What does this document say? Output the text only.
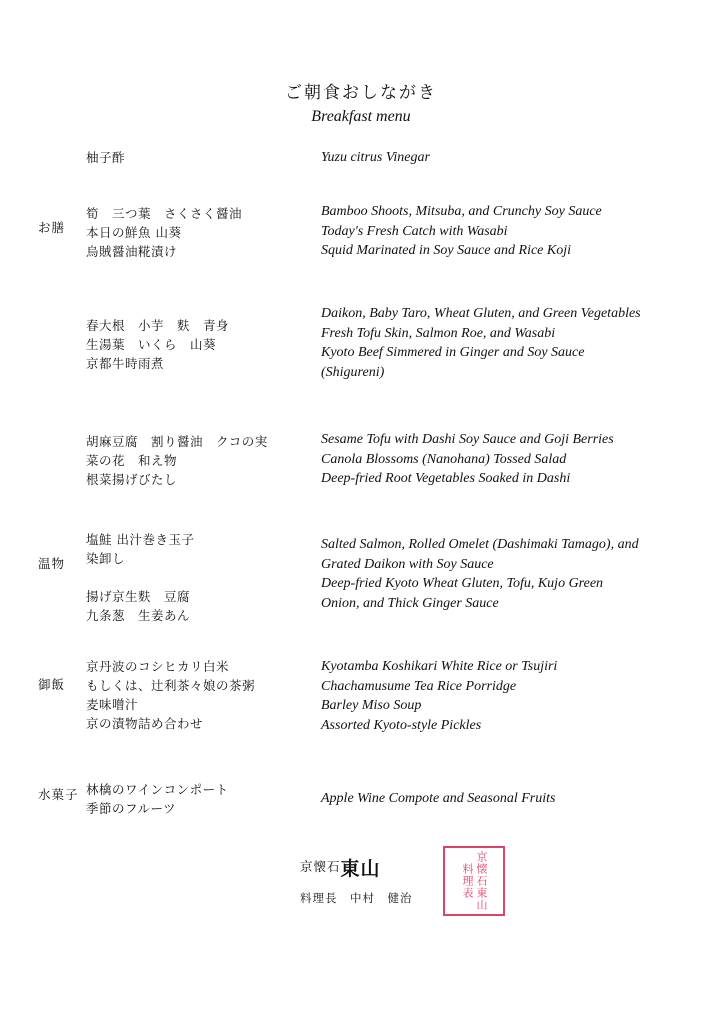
ご朝食おしながき
Breakfast menu
柚子酢	Yuzu citrus Vinegar
お膳
筍　三つ葉　さくさく醤油
本日の鮮魚 山葵
烏賊醤油糀漬け
Bamboo Shoots, Mitsuba, and Crunchy Soy Sauce
Today's Fresh Catch with Wasabi
Squid Marinated in Soy Sauce and Rice Koji
春大根　小芋　麩　青身
生湯葉　いくら　山葵
京都牛時雨煮
Daikon, Baby Taro, Wheat Gluten, and Green Vegetables
Fresh Tofu Skin, Salmon Roe, and Wasabi
Kyoto Beef Simmered in Ginger and Soy Sauce
(Shigureni)
胡麻豆腐　割り醤油　クコの実
菜の花　和え物
根菜揚げびたし
Sesame Tofu with Dashi Soy Sauce and Goji Berries
Canola Blossoms (Nanohana) Tossed Salad
Deep-fried Root Vegetables Soaked in Dashi
温物
塩鮭 出汁巻き玉子
染卸し

揚げ京生麩　豆腐
九条葱　生姜あん
Salted Salmon, Rolled Omelet (Dashimaki Tamago), and
Grated Daikon with Soy Sauce
Deep-fried Kyoto Wheat Gluten, Tofu, Kujo Green
Onion, and Thick Ginger Sauce
御飯
京丹波のコシヒカリ白米
もしくは、辻利茶々娘の茶粥
麦味噌汁
京の漬物詰め合わせ
Kyotamba Koshikari White Rice or Tsujiri
Chachamusume Tea Rice Porridge
Barley Miso Soup
Assorted Kyoto-style Pickles
水菓子 林檎のワインコンポート
季節のフルーツ
Apple Wine Compote and Seasonal Fruits
$^{京懐石}$東山
料理長　中村　健治	京懐石東山
料理表
